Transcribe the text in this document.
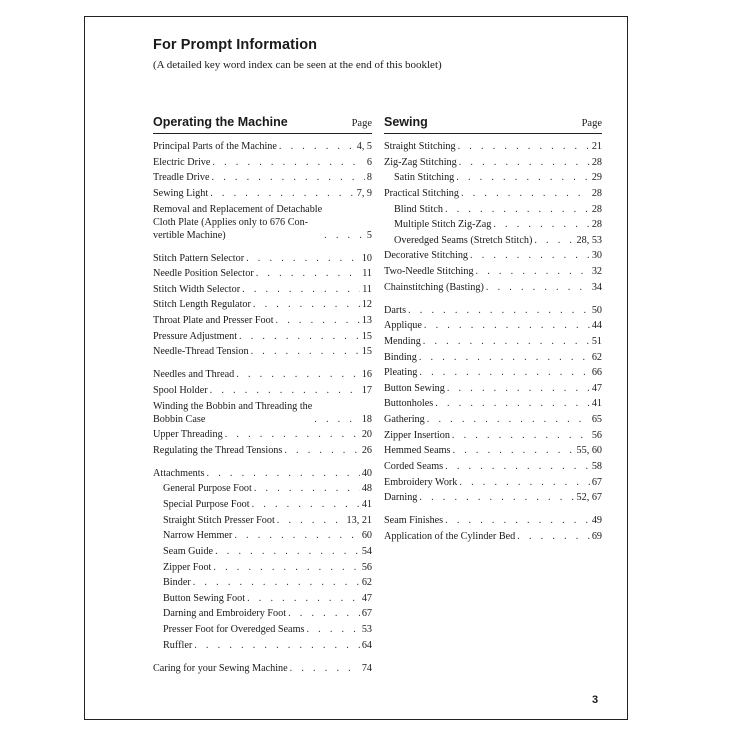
For Prompt Information
(A detailed key word index can be seen at the end of this booklet)
Operating the Machine	Page
Principal Parts of the Machine . . .	4, 5
Electric Drive . . .	6
Treadle Drive . . .	8
Sewing Light . . .	7, 9
Removal and Replacement of Detachable
Cloth Plate (Applies only to 676 Con-
vertible Machine) . . .	5
Stitch Pattern Selector . . .	10
Needle Position Selector . . .	11
Stitch Width Selector . . .	11
Stitch Length Regulator . . .	12
Throat Plate and Presser Foot . . .	13
Pressure Adjustment . . .	15
Needle-Thread Tension . . .	15
Needles and Thread . . .	16
Spool Holder . . .	17
Winding the Bobbin and Threading the
Bobbin Case . . .	18
Upper Threading . . .	20
Regulating the Thread Tensions . . .	26
Attachments . . .	40
General Purpose Foot . . .	48
Special Purpose Foot . . .	41
Straight Stitch Presser Foot . . .	13, 21
Narrow Hemmer . . .	60
Seam Guide . . .	54
Zipper Foot . . .	56
Binder . . .	62
Button Sewing Foot . . .	47
Darning and Embroidery Foot . . .	67
Presser Foot for Overedged Seams . . .	53
Ruffler . . .	64
Caring for your Sewing Machine . . .	74
Sewing	Page
Straight Stitching . . .	21
Zig-Zag Stitching . . .	28
Satin Stitching . . .	29
Practical Stitching . . .	28
Blind Stitch . . .	28
Multiple Stitch Zig-Zag . . .	28
Overedged Seams (Stretch Stitch) . . .	28, 53
Decorative Stitching . . .	30
Two-Needle Stitching . . .	32
Chainstitching (Basting) . . .	34
Darts . . .	50
Applique . . .	44
Mending . . .	51
Binding . . .	62
Pleating . . .	66
Button Sewing . . .	47
Buttonholes . . .	41
Gathering . . .	65
Zipper Insertion . . .	56
Hemmed Seams . . .	55, 60
Corded Seams . . .	58
Embroidery Work . . .	67
Darning . . .	52, 67
Seam Finishes . . .	49
Application of the Cylinder Bed . . .	69
3
